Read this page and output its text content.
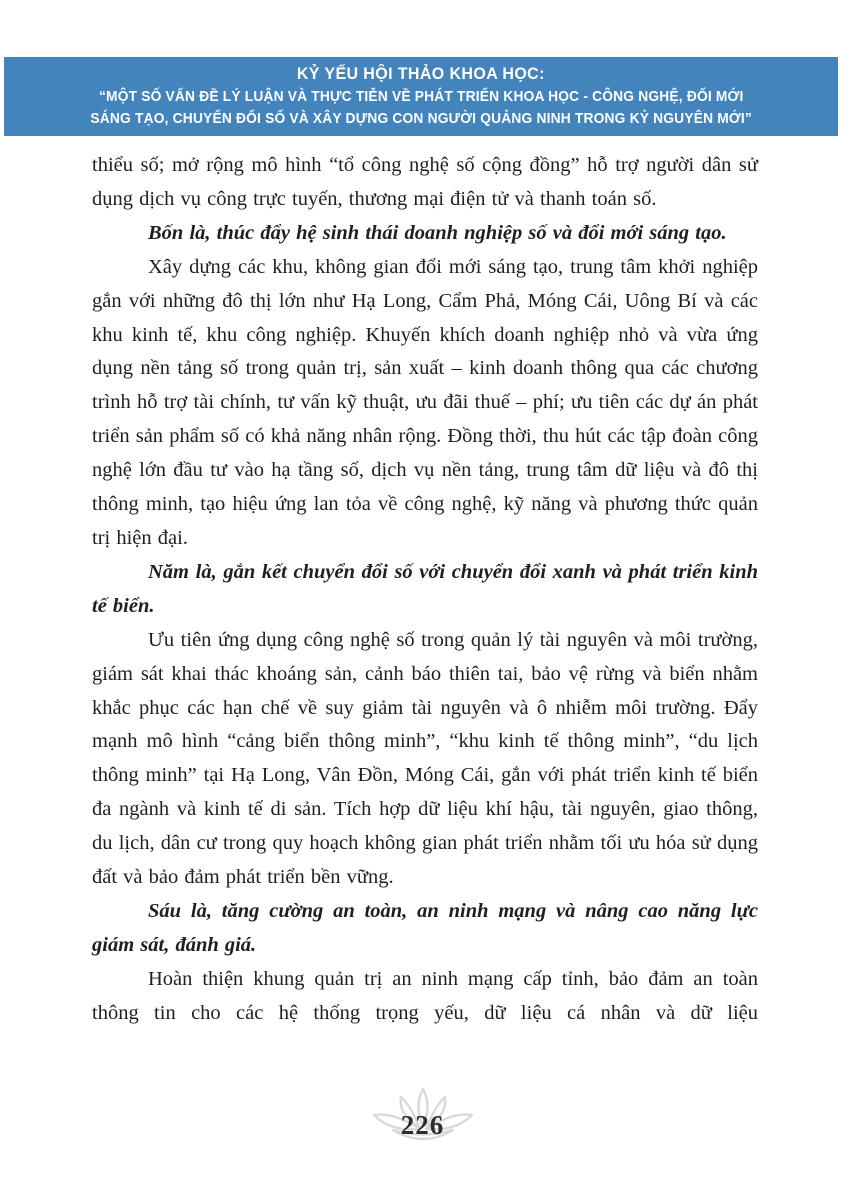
KỶ YẾU HỘI THẢO KHOA HỌC:
“MỘT SỐ VẤN ĐỀ LÝ LUẬN VÀ THỰC TIỄN VỀ PHÁT TRIỂN KHOA HỌC - CÔNG NGHỆ, ĐỔI MỚI
SÁNG TẠO, CHUYỂN ĐỔI SỐ VÀ XÂY DỰNG CON NGƯỜI QUẢNG NINH TRONG KỶ NGUYÊN MỚI”

thiểu số; mở rộng mô hình “tổ công nghệ số cộng đồng” hỗ trợ người dân sử dụng dịch vụ công trực tuyến, thương mại điện tử và thanh toán số.

Bốn là, thúc đẩy hệ sinh thái doanh nghiệp số và đổi mới sáng tạo.

Xây dựng các khu, không gian đổi mới sáng tạo, trung tâm khởi nghiệp gắn với những đô thị lớn như Hạ Long, Cẩm Phả, Móng Cái, Uông Bí và các khu kinh tế, khu công nghiệp. Khuyến khích doanh nghiệp nhỏ và vừa ứng dụng nền tảng số trong quản trị, sản xuất – kinh doanh thông qua các chương trình hỗ trợ tài chính, tư vấn kỹ thuật, ưu đãi thuế – phí; ưu tiên các dự án phát triển sản phẩm số có khả năng nhân rộng. Đồng thời, thu hút các tập đoàn công nghệ lớn đầu tư vào hạ tầng số, dịch vụ nền tảng, trung tâm dữ liệu và đô thị thông minh, tạo hiệu ứng lan tỏa về công nghệ, kỹ năng và phương thức quản trị hiện đại.

Năm là, gắn kết chuyển đổi số với chuyển đổi xanh và phát triển kinh tế biển.

Ưu tiên ứng dụng công nghệ số trong quản lý tài nguyên và môi trường, giám sát khai thác khoáng sản, cảnh báo thiên tai, bảo vệ rừng và biển nhằm khắc phục các hạn chế về suy giảm tài nguyên và ô nhiễm môi trường. Đẩy mạnh mô hình “cảng biển thông minh”, “khu kinh tế thông minh”, “du lịch thông minh” tại Hạ Long, Vân Đồn, Móng Cái, gắn với phát triển kinh tế biển đa ngành và kinh tế di sản. Tích hợp dữ liệu khí hậu, tài nguyên, giao thông, du lịch, dân cư trong quy hoạch không gian phát triển nhằm tối ưu hóa sử dụng đất và bảo đảm phát triển bền vững.

Sáu là, tăng cường an toàn, an ninh mạng và nâng cao năng lực giám sát, đánh giá.

Hoàn thiện khung quản trị an ninh mạng cấp tỉnh, bảo đảm an toàn thông tin cho các hệ thống trọng yếu, dữ liệu cá nhân và dữ liệu

226
